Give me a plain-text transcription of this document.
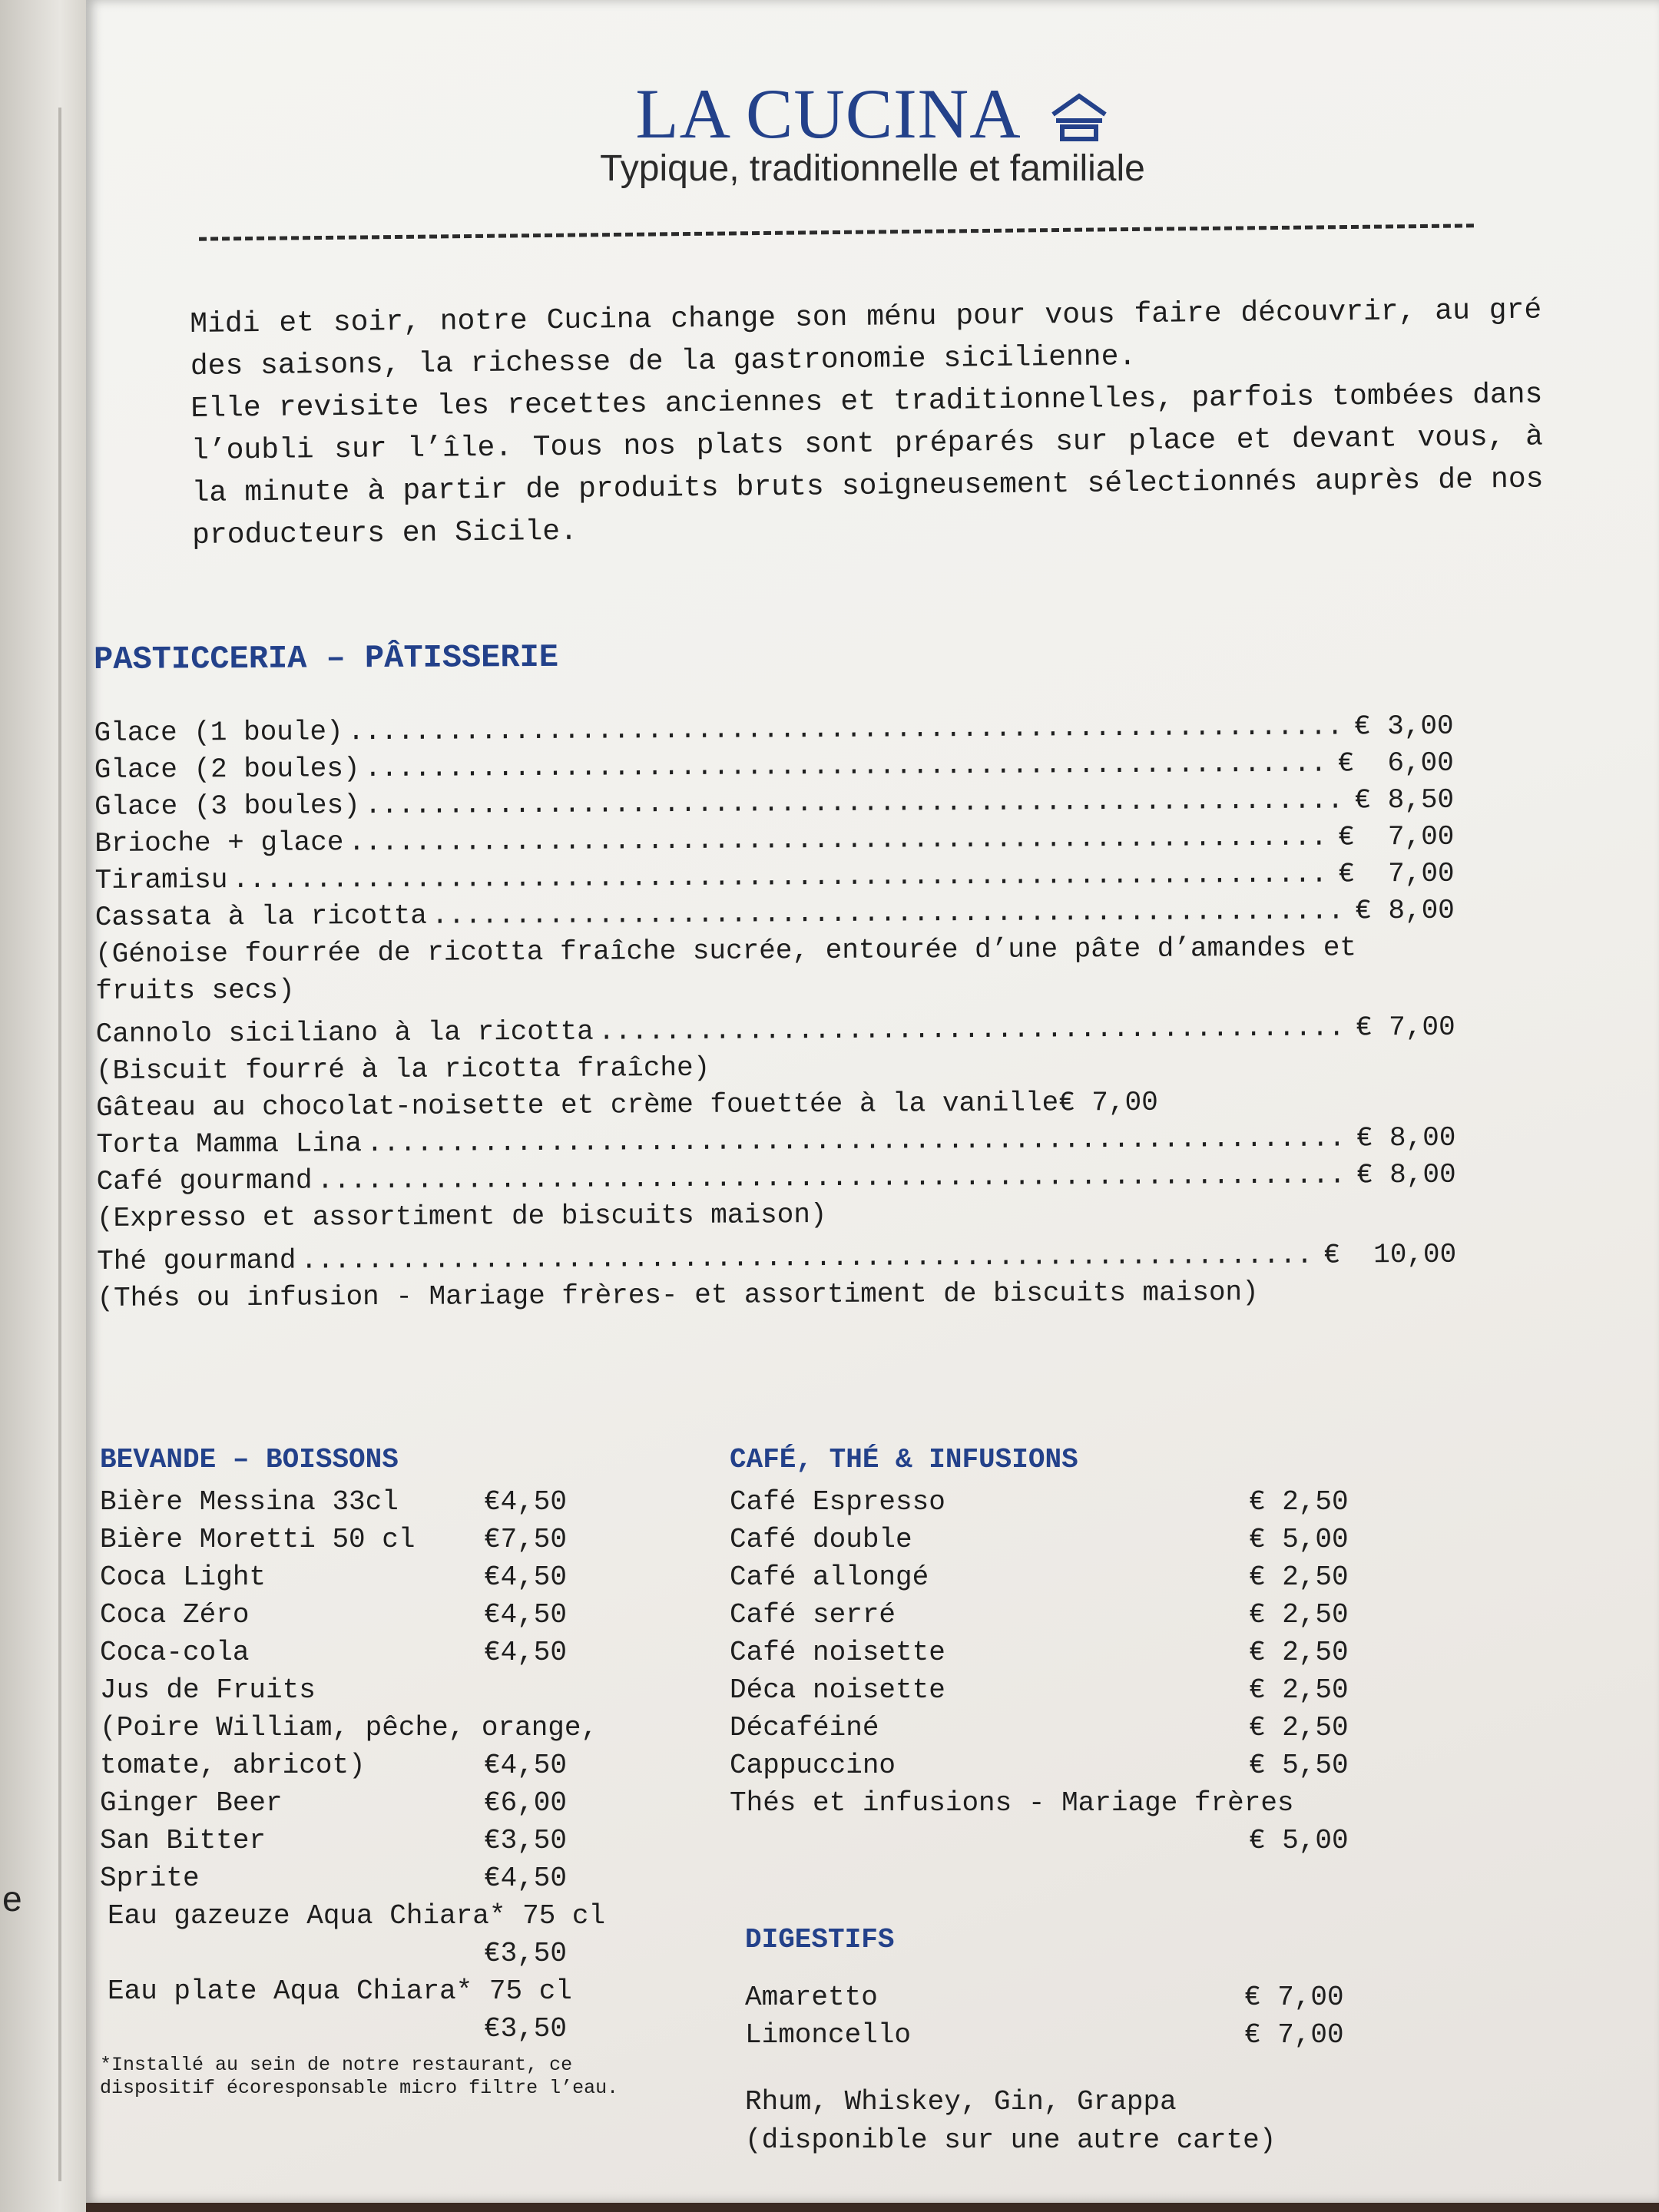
e
LA CUCINA
Typique, traditionnelle et familiale

Midi et soir, notre Cucina change son ménu pour vous faire découvrir, au gré des saisons, la richesse de la gastronomie sicilienne.

Elle revisite les recettes anciennes et traditionnelles, parfois tombées dans l’oubli sur l’île. Tous nos plats sont préparés sur place et devant vous, à la minute à partir de produits bruts soigneusement sélectionnés auprès de nos producteurs en Sicile.

PASTICCERIA – PÂTISSERIE
Glace (1 boule) .....	€ 3,00
Glace (2 boules) .....	€  6,00
Glace (3 boules) .....	€ 8,50
Brioche + glace .....	€  7,00
Tiramisu .....	€  7,00
Cassata à la ricotta .....	€ 8,00
(Génoise fourrée de ricotta fraîche sucrée, entourée d’une pâte d’amandes et fruits secs)
Cannolo siciliano à la ricotta .....	€ 7,00
(Biscuit fourré à la ricotta fraîche)
Gâteau au chocolat-noisette et crème fouettée à la vanille € 7,00
Torta Mamma Lina .....	€ 8,00
Café gourmand .....	€ 8,00
(Expresso et assortiment de biscuits maison)
Thé gourmand .....	€  10,00
(Thés ou infusion - Mariage frères- et assortiment de biscuits maison)
BEVANDE – BOISSONS
Bière Messina 33cl	€4,50
Bière Moretti 50 cl	€7,50
Coca Light	€4,50
Coca Zéro	€4,50
Coca-cola	€4,50
Jus de Fruits
(Poire William, pêche, orange,
tomate, abricot)	€4,50
Ginger Beer	€6,00
San Bitter	€3,50
Sprite	€4,50
Eau gazeuze Aqua Chiara* 75 cl
€3,50
Eau plate Aqua Chiara* 75 cl
€3,50
*Installé au sein de notre restaurant, ce dispositif écoresponsable micro filtre l’eau.
CAFÉ, THÉ & INFUSIONS
Café Espresso	€ 2,50
Café double	€ 5,00
Café allongé	€ 2,50
Café serré	€ 2,50
Café noisette	€ 2,50
Déca noisette	€ 2,50
Décaféiné	€ 2,50
Cappuccino	€ 5,50
Thés et infusions - Mariage frères
€ 5,00
DIGESTIFS
Amaretto	€ 7,00
Limoncello	€ 7,00
Rhum, Whiskey, Gin, Grappa
(disponible sur une autre carte)
